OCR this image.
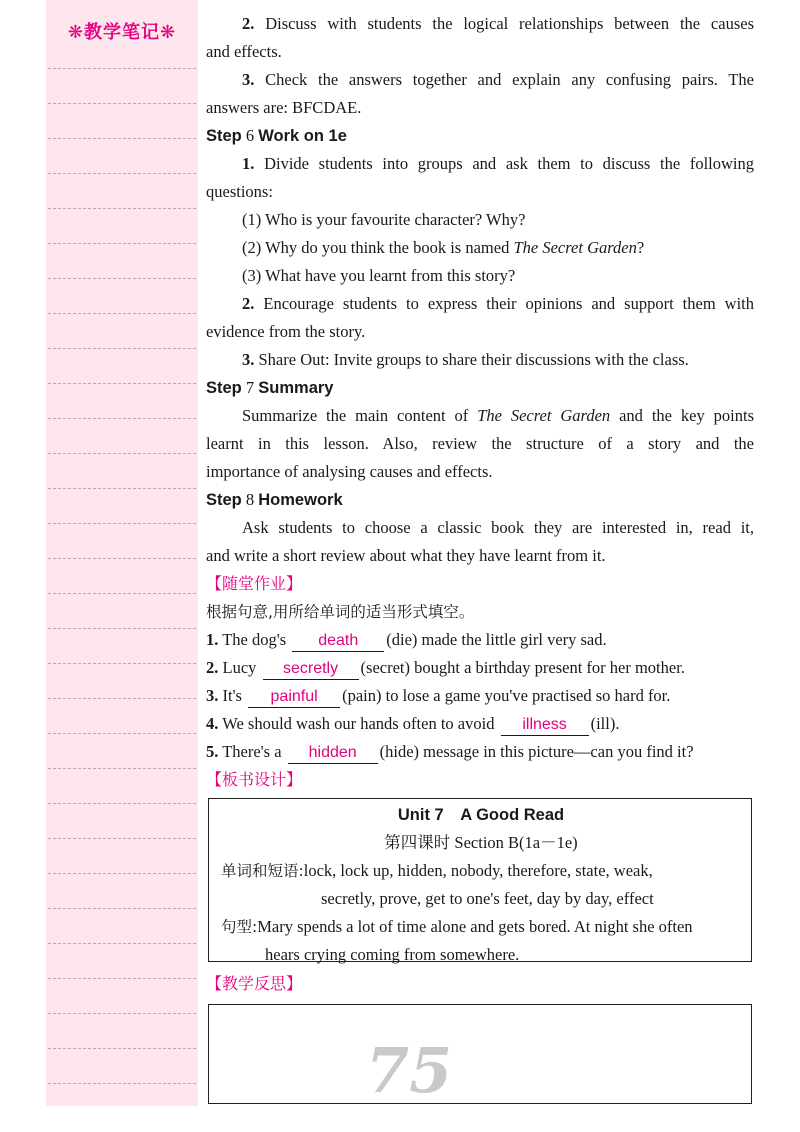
❋教学笔记❋	2. Discuss with students the logical relationships between the causes
and effects.
3. Check the answers together and explain any confusing pairs. The
answers are: BFCDAE.
Step 6 Work on 1e
1. Divide students into groups and ask them to discuss the following
questions:
(1) Who is your favourite character? Why?
(2) Why do you think the book is named The Secret Garden?
(3) What have you learnt from this story?
2. Encourage students to express their opinions and support them with
evidence from the story.
3. Share Out: Invite groups to share their discussions with the class.
Step 7 Summary
Summarize the main content of The Secret Garden and the key points
learnt in this lesson. Also, review the structure of a story and the
importance of analysing causes and effects.
Step 8 Homework
Ask students to choose a classic book they are interested in, read it,
and write a short review about what they have learnt from it.
【随堂作业】
根据句意,用所给单词的适当形式填空。
1. The dog's death (die) made the little girl very sad.
2. Lucy secretly (secret) bought a birthday present for her mother.
3. It's painful (pain) to lose a game you've practised so hard for.
4. We should wash our hands often to avoid illness (ill).
5. There's a hidden (hide) message in this picture—can you find it?
【板书设计】
Unit 7　A Good Read
第四课时 Section B(1a－1e)
单词和短语:lock, lock up, hidden, nobody, therefore, state, weak,
secretly, prove, get to one's feet, day by day, effect
句型:Mary spends a lot of time alone and gets bored. At night she often
hears crying coming from somewhere.
【教学反思】
75
